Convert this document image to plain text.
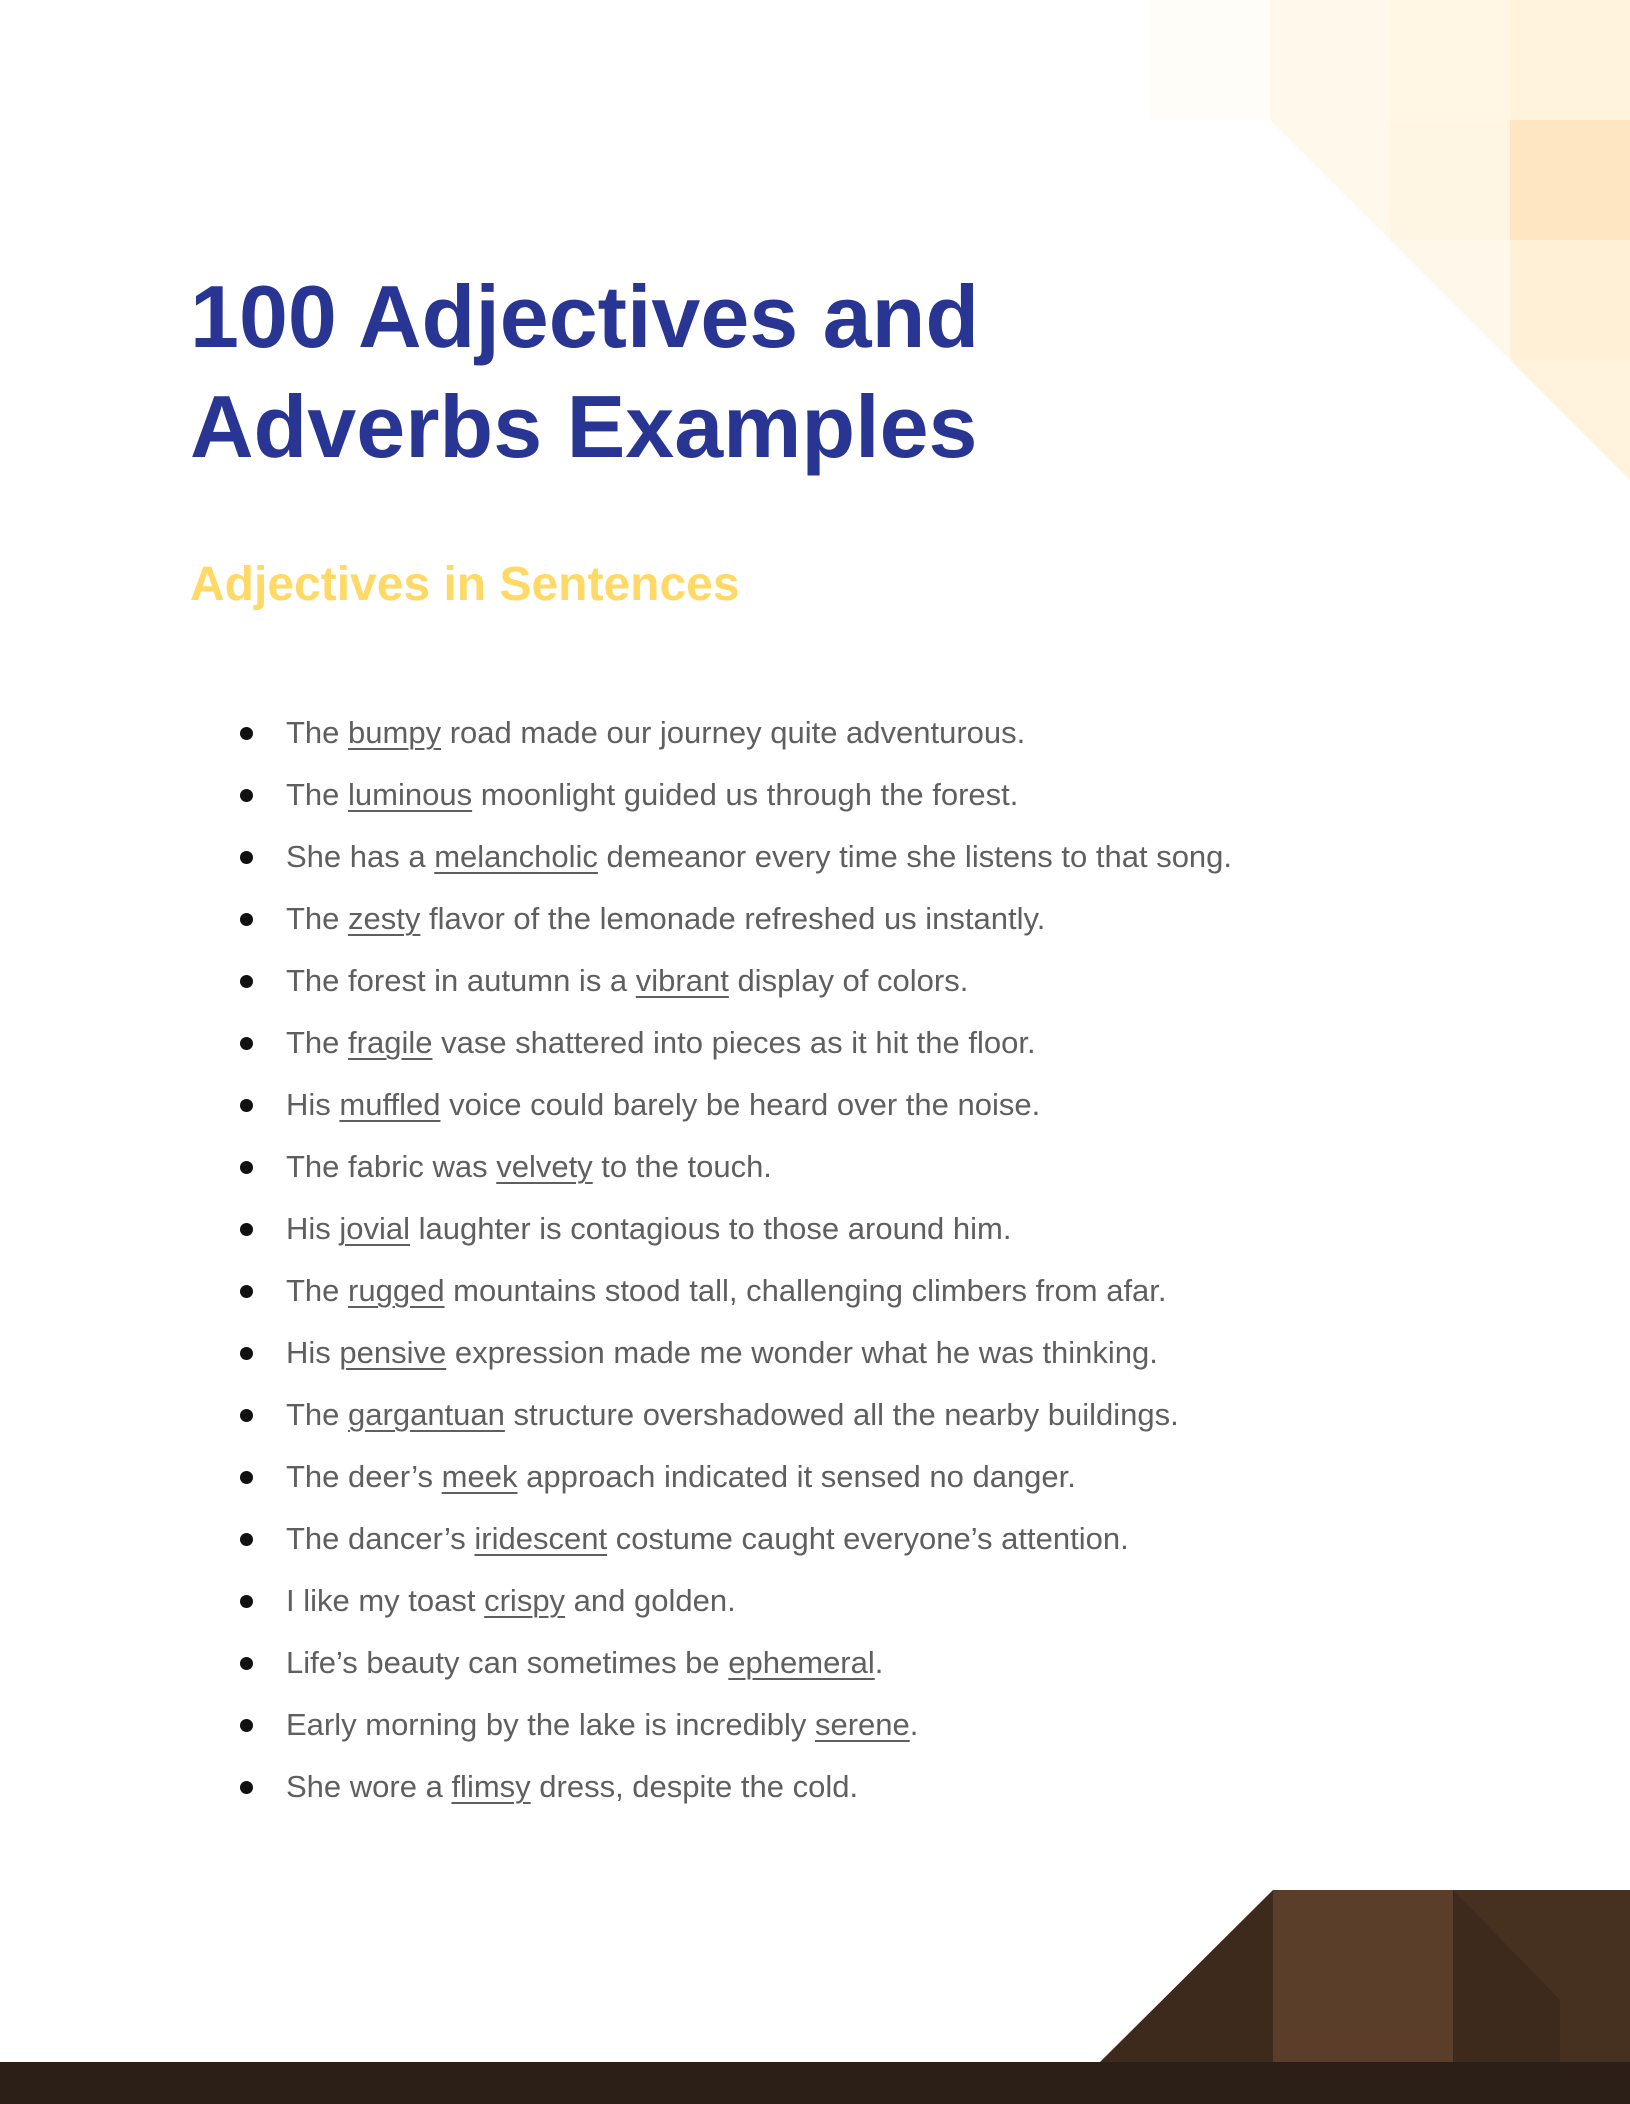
100 Adjectives and
Adverbs Examples
Adjectives in Sentences
The bumpy road made our journey quite adventurous.
The luminous moonlight guided us through the forest.
She has a melancholic demeanor every time she listens to that song.
The zesty flavor of the lemonade refreshed us instantly.
The forest in autumn is a vibrant display of colors.
The fragile vase shattered into pieces as it hit the floor.
His muffled voice could barely be heard over the noise.
The fabric was velvety to the touch.
His jovial laughter is contagious to those around him.
The rugged mountains stood tall, challenging climbers from afar.
His pensive expression made me wonder what he was thinking.
The gargantuan structure overshadowed all the nearby buildings.
The deer’s meek approach indicated it sensed no danger.
The dancer’s iridescent costume caught everyone’s attention.
I like my toast crispy and golden.
Life’s beauty can sometimes be ephemeral.
Early morning by the lake is incredibly serene.
She wore a flimsy dress, despite the cold.
